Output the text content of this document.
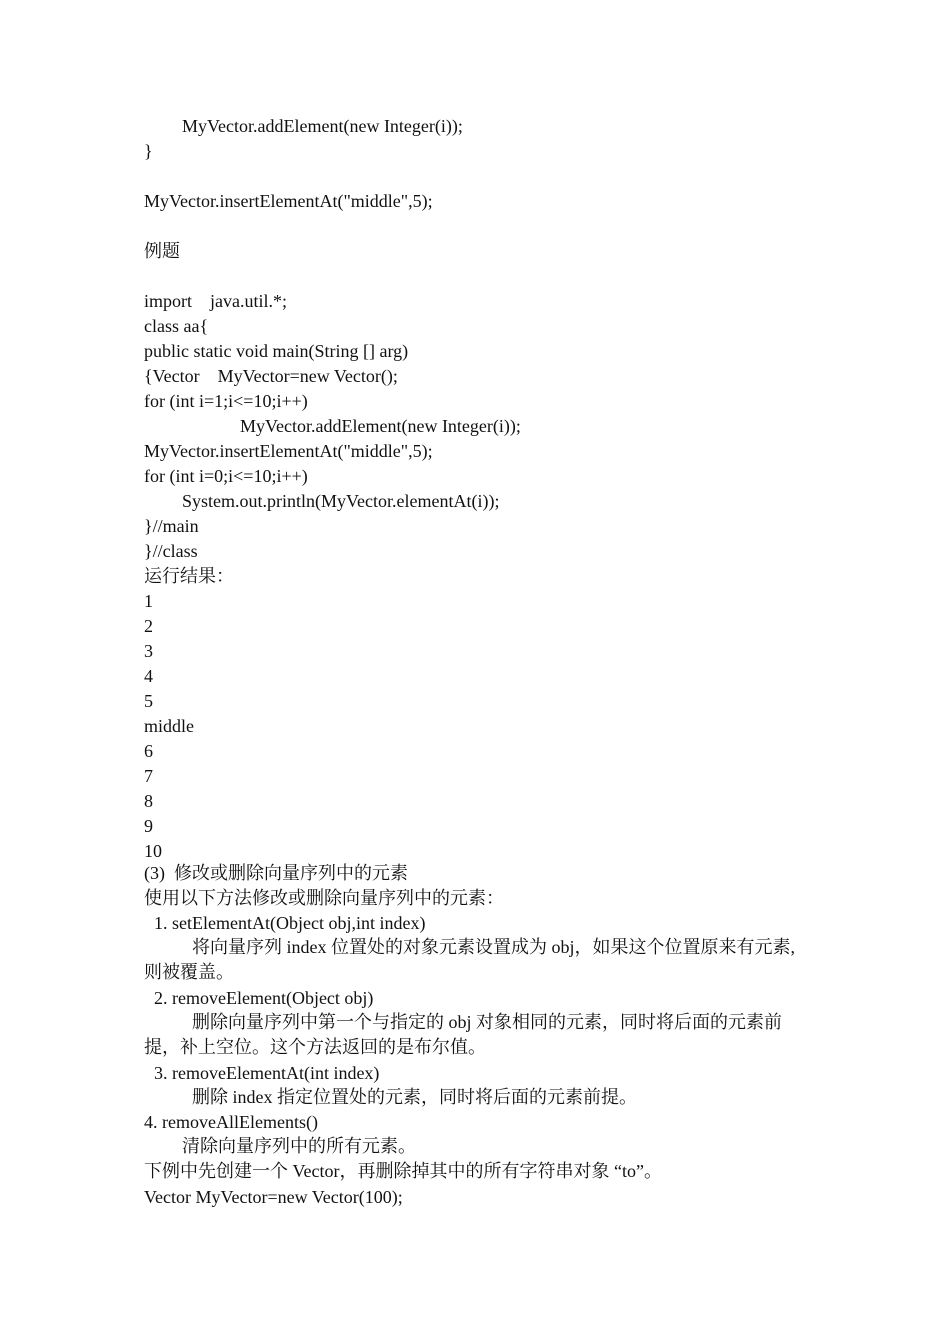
MyVector.addElement(new Integer(i));
}
MyVector.insertElementAt("middle",5);
例题
import    java.util.*;
class aa{
public static void main(String [] arg)
{Vector    MyVector=new Vector();
for (int i=1;i<=10;i++)
MyVector.addElement(new Integer(i));
MyVector.insertElementAt("middle",5);
for (int i=0;i<=10;i++)
System.out.println(MyVector.elementAt(i));
}//main
}//class
运行结果：
1
2
3
4
5
middle
6
7
8
9
10
(3)  修改或删除向量序列中的元素
使用以下方法修改或删除向量序列中的元素：
1. setElementAt(Object obj,int index)
将向量序列 index 位置处的对象元素设置成为 obj，如果这个位置原来有元素,则被覆盖。
2. removeElement(Object obj)
删除向量序列中第一个与指定的 obj 对象相同的元素，同时将后面的元素前提，补上空位。这个方法返回的是布尔值。
3. removeElementAt(int index)
删除 index 指定位置处的元素，同时将后面的元素前提。
4. removeAllElements()
清除向量序列中的所有元素。
下例中先创建一个 Vector，再删除掉其中的所有字符串对象 “to”。
Vector MyVector=new Vector(100);
